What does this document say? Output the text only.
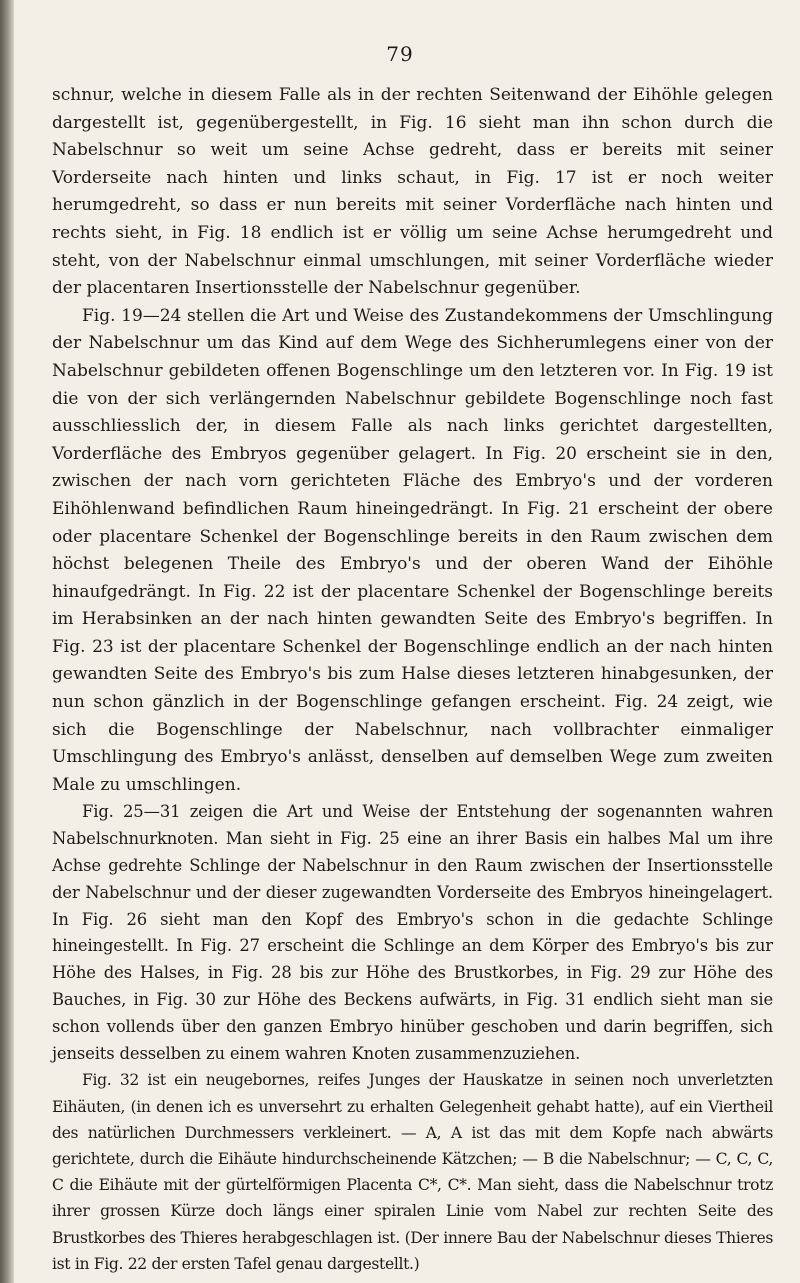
79

schnur, welche in diesem Falle als in der rechten Seitenwand der Eihöhle gelegen dargestellt ist, gegenübergestellt, in Fig. 16 sieht man ihn schon durch die Nabelschnur so weit um seine Achse gedreht, dass er bereits mit seiner Vorderseite nach hinten und links schaut, in Fig. 17 ist er noch weiter herumgedreht, so dass er nun bereits mit seiner Vorderfläche nach hinten und rechts sieht, in Fig. 18 endlich ist er völlig um seine Achse herumgedreht und steht, von der Nabelschnur einmal umschlungen, mit seiner Vorderfläche wieder der placentaren Insertionsstelle der Nabelschnur gegenüber.

Fig. 19—24 stellen die Art und Weise des Zustandekommens der Umschlingung der Nabelschnur um das Kind auf dem Wege des Sichherumlegens einer von der Nabelschnur gebildeten offenen Bogenschlinge um den letzteren vor. In Fig. 19 ist die von der sich verlängernden Nabelschnur gebildete Bogenschlinge noch fast ausschliesslich der, in diesem Falle als nach links gerichtet dargestellten, Vorderfläche des Embryos gegenüber gelagert. In Fig. 20 erscheint sie in den, zwischen der nach vorn gerichteten Fläche des Embryo's und der vorderen Eihöhlenwand befindlichen Raum hineingedrängt. In Fig. 21 erscheint der obere oder placentare Schenkel der Bogenschlinge bereits in den Raum zwischen dem höchst belegenen Theile des Embryo's und der oberen Wand der Eihöhle hinaufgedrängt. In Fig. 22 ist der placentare Schenkel der Bogenschlinge bereits im Herabsinken an der nach hinten gewandten Seite des Embryo's begriffen. In Fig. 23 ist der placentare Schenkel der Bogenschlinge endlich an der nach hinten gewandten Seite des Embryo's bis zum Halse dieses letzteren hinabgesunken, der nun schon gänzlich in der Bogenschlinge gefangen erscheint. Fig. 24 zeigt, wie sich die Bogenschlinge der Nabelschnur, nach vollbrachter einmaliger Umschlingung des Embryo's anlässt, denselben auf demselben Wege zum zweiten Male zu umschlingen.

Fig. 25—31 zeigen die Art und Weise der Entstehung der sogenannten wahren Nabelschnurknoten. Man sieht in Fig. 25 eine an ihrer Basis ein halbes Mal um ihre Achse gedrehte Schlinge der Nabelschnur in den Raum zwischen der Insertionsstelle der Nabelschnur und der dieser zugewandten Vorderseite des Embryos hineingelagert. In Fig. 26 sieht man den Kopf des Embryo's schon in die gedachte Schlinge hineingestellt. In Fig. 27 erscheint die Schlinge an dem Körper des Embryo's bis zur Höhe des Halses, in Fig. 28 bis zur Höhe des Brustkorbes, in Fig. 29 zur Höhe des Bauches, in Fig. 30 zur Höhe des Beckens aufwärts, in Fig. 31 endlich sieht man sie schon vollends über den ganzen Embryo hinüber geschoben und darin begriffen, sich jenseits desselben zu einem wahren Knoten zusammenzuziehen.

Fig. 32 ist ein neugebornes, reifes Junges der Hauskatze in seinen noch unverletzten Eihäuten, (in denen ich es unversehrt zu erhalten Gelegenheit gehabt hatte), auf ein Viertheil des natürlichen Durchmessers verkleinert. — A, A ist das mit dem Kopfe nach abwärts gerichtete, durch die Eihäute hindurchscheinende Kätzchen; — B die Nabelschnur; — C, C, C, C die Eihäute mit der gürtelförmigen Placenta C*, C*. Man sieht, dass die Nabelschnur trotz ihrer grossen Kürze doch längs einer spiralen Linie vom Nabel zur rechten Seite des Brustkorbes des Thieres herabgeschlagen ist. (Der innere Bau der Nabelschnur dieses Thieres ist in Fig. 22 der ersten Tafel genau dargestellt.)
